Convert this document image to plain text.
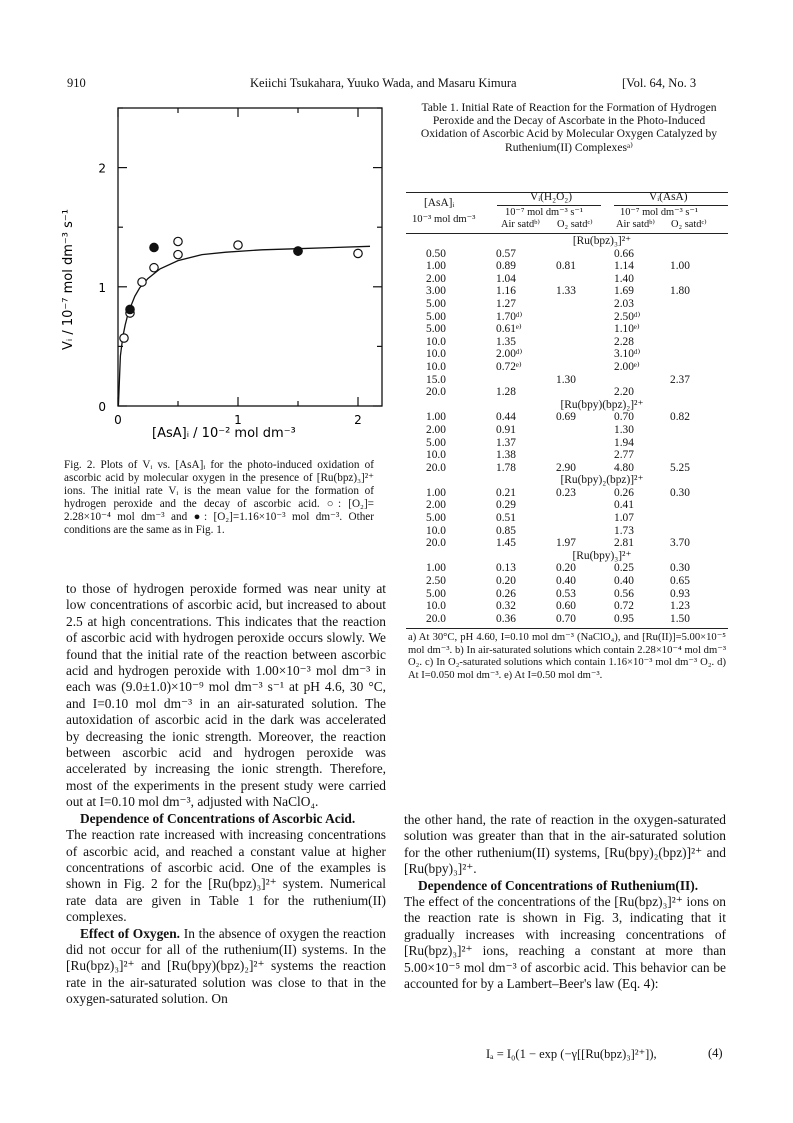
910	Keiichi Tsukahara, Yuuko Wada, and Masaru Kimura	[Vol. 64, No. 3
0	1	2
0
1
2
Vᵢ / 10⁻⁷ mol dm⁻³ s⁻¹
[AsA]ᵢ / 10⁻² mol dm⁻³
Fig. 2. Plots of Vᵢ vs. [AsA]ᵢ for the photo-induced oxidation of ascorbic acid by molecular oxygen in the presence of [Ru(bpz)₃]²⁺ ions. The initial rate Vᵢ is the mean value for the formation of hydrogen peroxide and the decay of ascorbic acid. ○: [O₂]= 2.28×10⁻⁴ mol dm⁻³ and ●: [O₂]=1.16×10⁻³ mol dm⁻³. Other conditions are the same as in Fig. 1.

to those of hydrogen peroxide formed was near unity at low concentrations of ascorbic acid, but increased to about 2.5 at high concentrations. This indicates that the reaction of ascorbic acid with hydrogen peroxide occurs slowly. We found that the initial rate of the reaction between ascorbic acid and hydrogen peroxide with 1.00×10⁻³ mol dm⁻³ in each was (9.0±1.0)×10⁻⁹ mol dm⁻³ s⁻¹ at pH 4.6, 30 °C, and I=0.10 mol dm⁻³ in an air-saturated solution. The autoxidation of ascorbic acid in the dark was accelerated by decreasing the ionic strength. Moreover, the reaction between ascorbic acid and hydrogen peroxide was accelerated by increasing the ionic strength. Therefore, most of the experiments in the present study were carried out at I=0.10 mol dm⁻³, adjusted with NaClO₄.

Dependence of Concentrations of Ascorbic Acid.
The reaction rate increased with increasing concentrations of ascorbic acid, and reached a constant value at higher concentrations of ascorbic acid. One of the examples is shown in Fig. 2 for the [Ru(bpz)₃]²⁺ system. Numerical rate data are given in Table 1 for the ruthenium(II) complexes.

Effect of Oxygen. In the absence of oxygen the reaction did not occur for all of the ruthenium(II) systems. In the [Ru(bpz)₃]²⁺ and [Ru(bpy)(bpz)₂]²⁺ systems the reaction rate in the air-saturated solution was close to that in the oxygen-saturated solution. On

Table 1. Initial Rate of Reaction for the Formation of Hydrogen Peroxide and the Decay of Ascorbate in the Photo-Induced Oxidation of Ascorbic Acid by Molecular Oxygen Catalyzed by Ruthenium(II) Complexesᵃ⁾
[AsA]ᵢ
10⁻³ mol dm⁻³
Vᵢ(H₂O₂)	Vᵢ(AsA)
10⁻⁷ mol dm⁻³ s⁻¹	10⁻⁷ mol dm⁻³ s⁻¹
Air satdᵇ⁾ O₂ satdᶜ⁾ Air satdᵇ⁾ O₂ satdᶜ⁾
[Ru(bpz)₃]²⁺				
0.50	0.57		0.66	
1.00	0.89	0.81	1.14	1.00
2.00	1.04		1.40	
3.00	1.16	1.33	1.69	1.80
5.00	1.27		2.03	
5.00	1.70ᵈ⁾		2.50ᵈ⁾	
5.00	0.61ᵉ⁾		1.10ᵉ⁾	
10.0	1.35		2.28	
10.0	2.00ᵈ⁾		3.10ᵈ⁾	
10.0	0.72ᵉ⁾		2.00ᵉ⁾	
15.0		1.30		2.37
20.0	1.28		2.20	
[Ru(bpy)(bpz)₂]²⁺				
1.00	0.44	0.69	0.70	0.82
2.00	0.91		1.30	
5.00	1.37		1.94	
10.0	1.38		2.77	
20.0	1.78	2.90	4.80	5.25
[Ru(bpy)₂(bpz)]²⁺				
1.00	0.21	0.23	0.26	0.30
2.00	0.29		0.41	
5.00	0.51		1.07	
10.0	0.85		1.73	
20.0	1.45	1.97	2.81	3.70
[Ru(bpy)₃]²⁺				
1.00	0.13	0.20	0.25	0.30
2.50	0.20	0.40	0.40	0.65
5.00	0.26	0.53	0.56	0.93
10.0	0.32	0.60	0.72	1.23
20.0	0.36	0.70	0.95	1.50
a) At 30°C, pH 4.60, I=0.10 mol dm⁻³ (NaClO₄), and [Ru(II)]=5.00×10⁻⁵ mol dm⁻³. b) In air-saturated solutions which contain 2.28×10⁻⁴ mol dm⁻³ O₂. c) In O₂-saturated solutions which contain 1.16×10⁻³ mol dm⁻³ O₂. d) At I=0.050 mol dm⁻³. e) At I=0.50 mol dm⁻³.

the other hand, the rate of reaction in the oxygen-saturated solution was greater than that in the air-saturated solution for the other ruthenium(II) systems, [Ru(bpy)₂(bpz)]²⁺ and [Ru(bpy)₃]²⁺.

Dependence of Concentrations of Ruthenium(II).
The effect of the concentrations of the [Ru(bpz)₃]²⁺ ions on the reaction rate is shown in Fig. 3, indicating that it gradually increases with increasing concentrations of [Ru(bpz)₃]²⁺ ions, reaching a constant at more than 5.00×10⁻⁵ mol dm⁻³ of ascorbic acid. This behavior can be accounted for by a Lambert–Beer's law (Eq. 4):

Iₐ = I₀(1 − exp (−γ[[Ru(bpz)₃]²⁺]),	(4)
